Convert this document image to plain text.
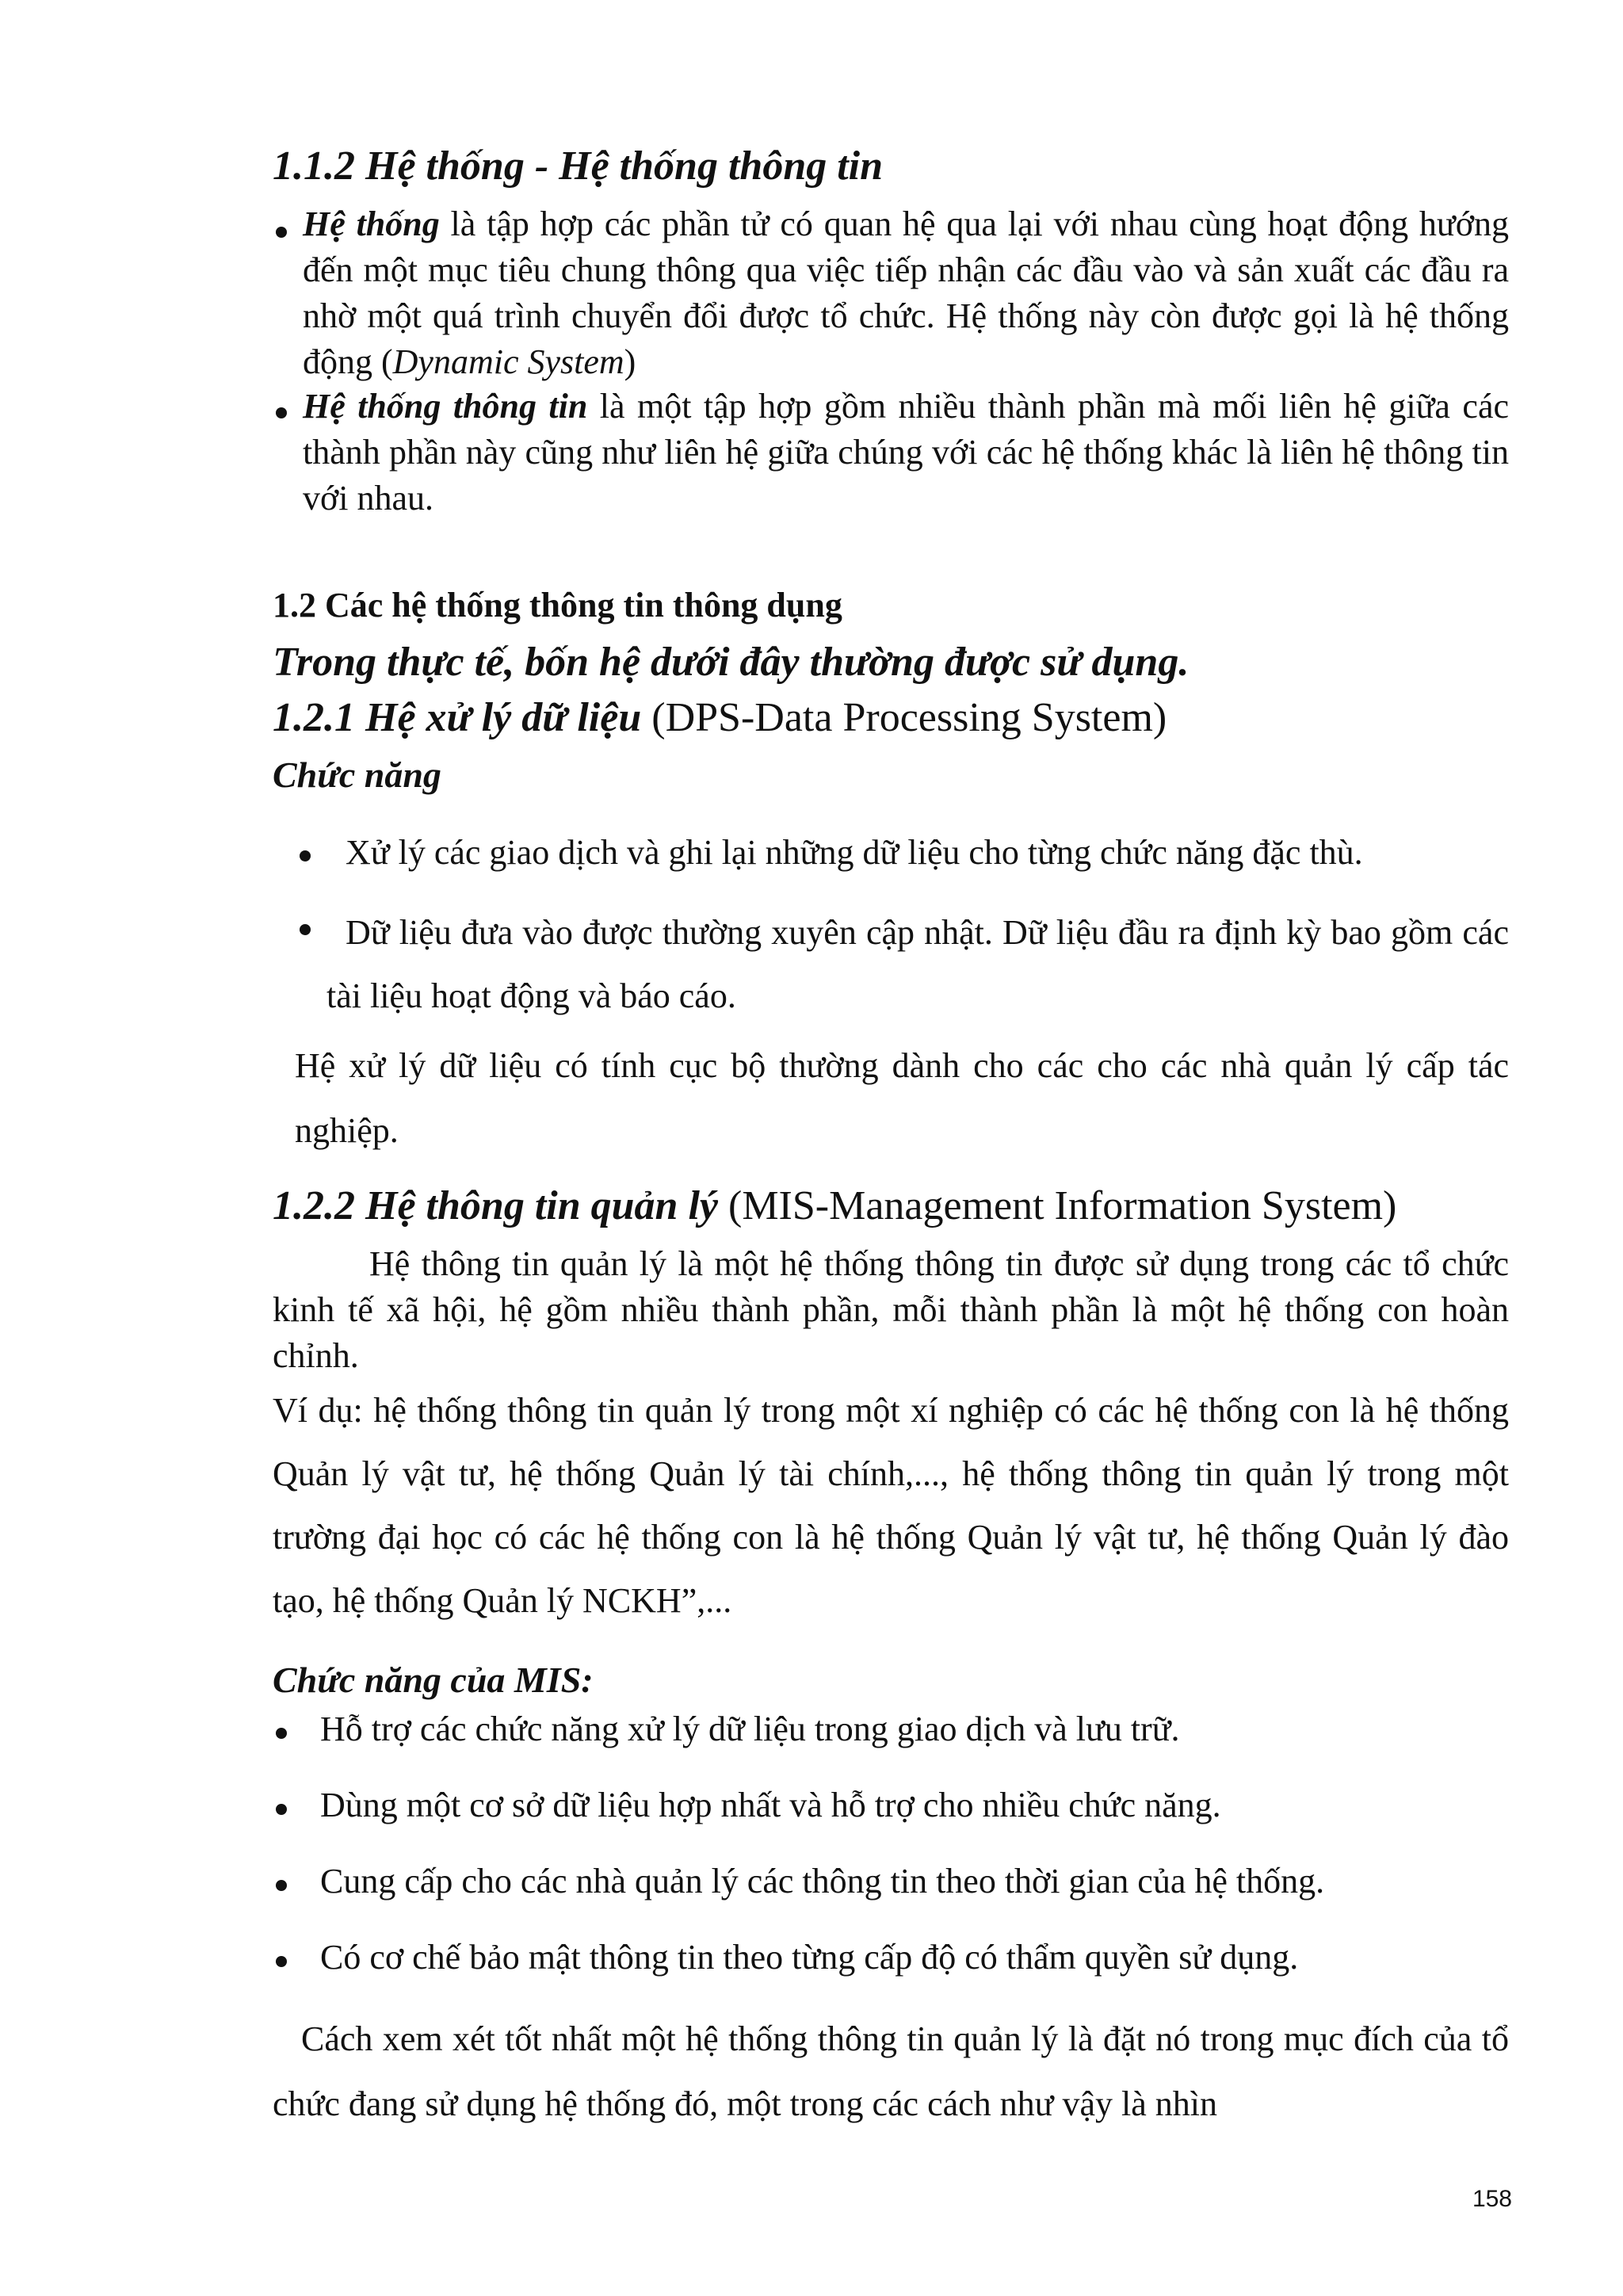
1.1.2 Hệ thống - Hệ thống thông tin

Hệ thống là tập hợp các phần tử có quan hệ qua lại với nhau cùng hoạt động hướng đến một mục tiêu chung thông qua việc tiếp nhận các đầu vào và sản xuất các đầu ra nhờ một quá trình chuyển đổi được tổ chức. Hệ thống này còn được gọi là hệ thống động (Dynamic System)

Hệ thống thông tin là một tập hợp gồm nhiều thành phần mà mối liên hệ giữa các thành phần này cũng như liên hệ giữa chúng với các hệ thống khác là liên hệ thông tin với nhau.

1.2 Các hệ thống thông tin thông dụng
Trong thực tế, bốn hệ dưới đây thường được sử dụng.
1.2.1 Hệ xử lý dữ liệu (DPS-Data Processing System)
Chức năng

Xử lý các giao dịch và ghi lại những dữ liệu cho từng chức năng đặc thù.

Dữ liệu đưa vào được thường xuyên cập nhật. Dữ liệu đầu ra định kỳ bao gồm các tài liệu hoạt động và báo cáo.

Hệ xử lý dữ liệu có tính cục bộ thường dành cho các cho các nhà quản lý cấp tác nghiệp.

1.2.2 Hệ thông tin quản lý (MIS-Management Information System)

Hệ thông tin quản lý là một hệ thống thông tin được sử dụng trong các tổ chức kinh tế xã hội, hệ gồm nhiều thành phần, mỗi thành phần là một hệ thống con hoàn chỉnh.

Ví dụ: hệ thống thông tin quản lý trong một xí nghiệp có các hệ thống con là hệ thống Quản lý vật tư, hệ thống Quản lý tài chính,..., hệ thống thông tin quản lý trong một trường đại học có các hệ thống con là hệ thống Quản lý vật tư, hệ thống Quản lý đào tạo, hệ thống Quản lý NCKH”,...

Chức năng của MIS:

Hỗ trợ các chức năng xử lý dữ liệu trong giao dịch và lưu trữ.

Dùng một cơ sở dữ liệu hợp nhất và hỗ trợ cho nhiều chức năng.

Cung cấp cho các nhà quản lý các thông tin theo thời gian của hệ thống.

Có cơ chế bảo mật thông tin theo từng cấp độ có thẩm quyền sử dụng.

Cách xem xét tốt nhất một hệ thống thông tin quản lý là đặt nó trong mục đích của tổ chức đang sử dụng hệ thống đó, một trong các cách như vậy là nhìn

158
